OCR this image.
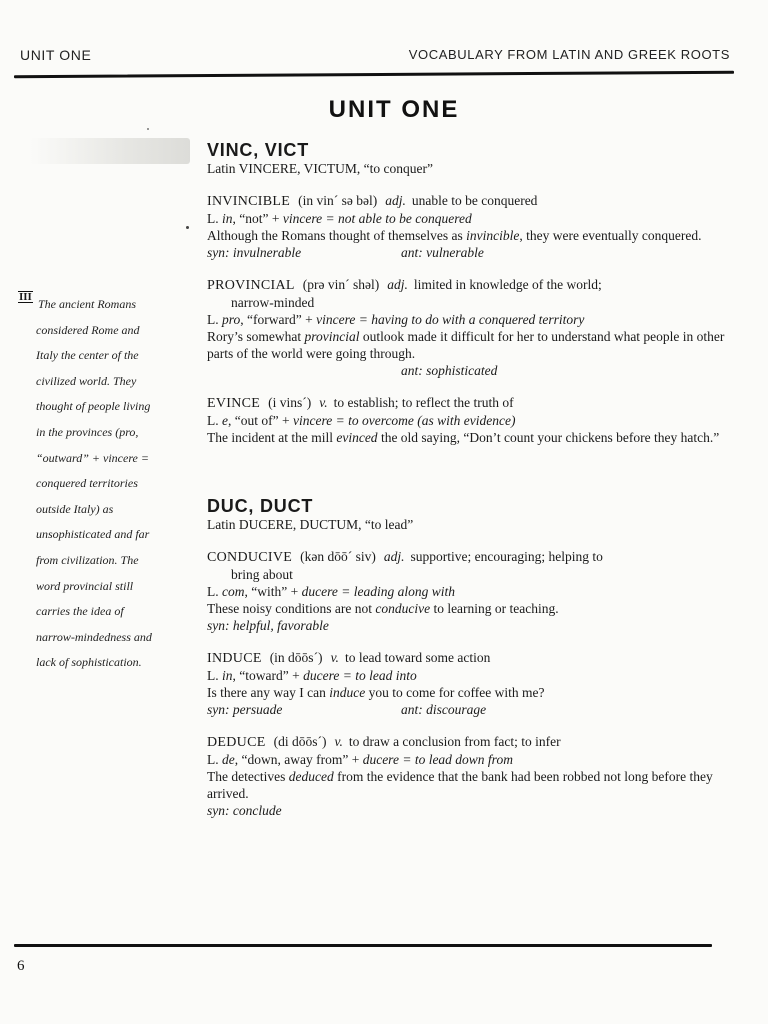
UNIT ONE	VOCABULARY FROM LATIN AND GREEK ROOTS
UNIT ONE
III The ancient Romans
considered Rome and
Italy the center of the
civilized world. They
thought of people living
in the provinces (pro,
“outward” + vincere =
conquered territories
outside Italy) as
unsophisticated and far
from civilization. The
word provincial still
carries the idea of
narrow-mindedness and
lack of sophistication.
VINC, VICT
Latin VINCERE, VICTUM, “to conquer”
INVINCIBLE (in vin´ sə bəl) adj. unable to be conquered
L. in, “not” + vincere = not able to be conquered
Although the Romans thought of themselves as invincible, they were eventually conquered.
syn: invulnerable	ant: vulnerable
PROVINCIAL (prə vin´ shəl) adj. limited in knowledge of the world;
narrow-minded
L. pro, “forward” + vincere = having to do with a conquered territory
Rory’s somewhat provincial outlook made it difficult for her to understand what people in other parts of the world were going through.
ant: sophisticated
EVINCE (i vins´) v. to establish; to reflect the truth of
L. e, “out of” + vincere = to overcome (as with evidence)
The incident at the mill evinced the old saying, “Don’t count your chickens before they hatch.”
DUC, DUCT
Latin DUCERE, DUCTUM, “to lead”
CONDUCIVE (kən dōō´ siv) adj. supportive; encouraging; helping to
bring about
L. com, “with” + ducere = leading along with
These noisy conditions are not conducive to learning or teaching.
syn: helpful, favorable
INDUCE (in dōōs´) v. to lead toward some action
L. in, “toward” + ducere = to lead into
Is there any way I can induce you to come for coffee with me?
syn: persuade	ant: discourage
DEDUCE (di dōōs´) v. to draw a conclusion from fact; to infer
L. de, “down, away from” + ducere = to lead down from
The detectives deduced from the evidence that the bank had been robbed not long before they arrived.
syn: conclude
6
